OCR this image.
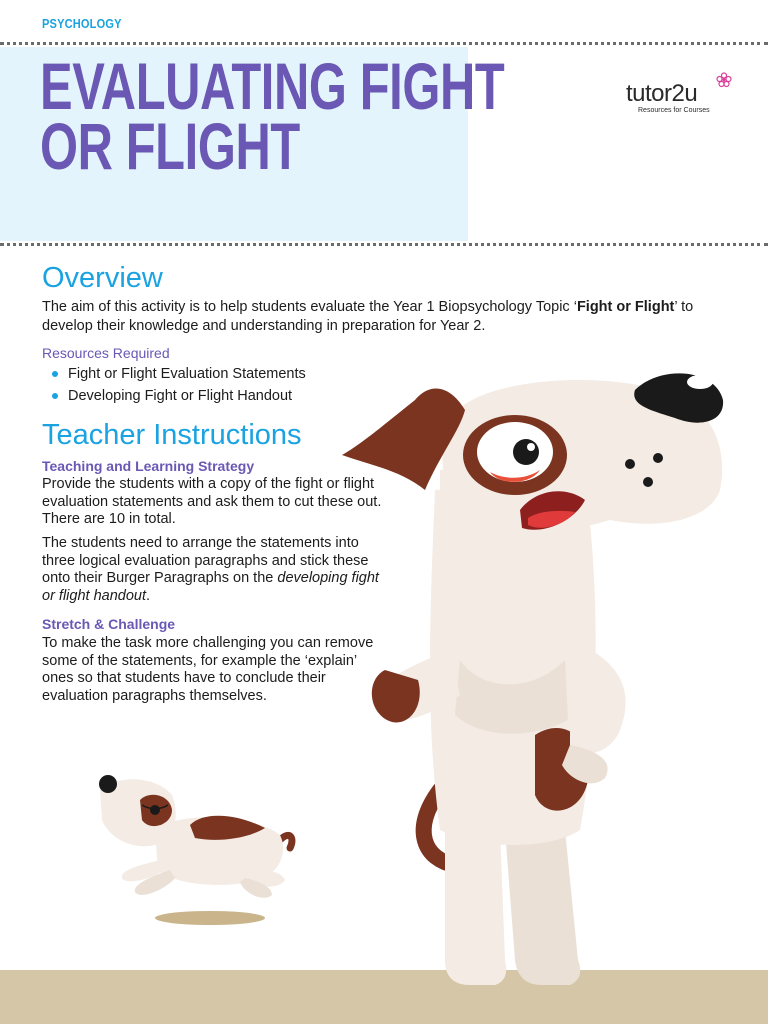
PSYCHOLOGY
EVALUATING FIGHT
OR FLIGHT
tutor2u
Resources for Courses
Overview

The aim of this activity is to help students evaluate the Year 1 Biopsychology Topic ‘Fight or Flight’ to develop their knowledge and understanding in preparation for Year 2.

Resources Required
Fight or Flight Evaluation Statements
Developing Fight or Flight Handout
Teacher Instructions
Teaching and Learning Strategy

Provide the students with a copy of the fight or flight evaluation statements and ask them to cut these out. There are 10 in total.

The students need to arrange the statements into three logical evaluation paragraphs and stick these onto their Burger Paragraphs on the developing fight or flight handout.

Stretch & Challenge

To make the task more challenging you can remove some of the statements, for example the ‘explain’ ones so that students have to conclude their evaluation paragraphs themselves.
